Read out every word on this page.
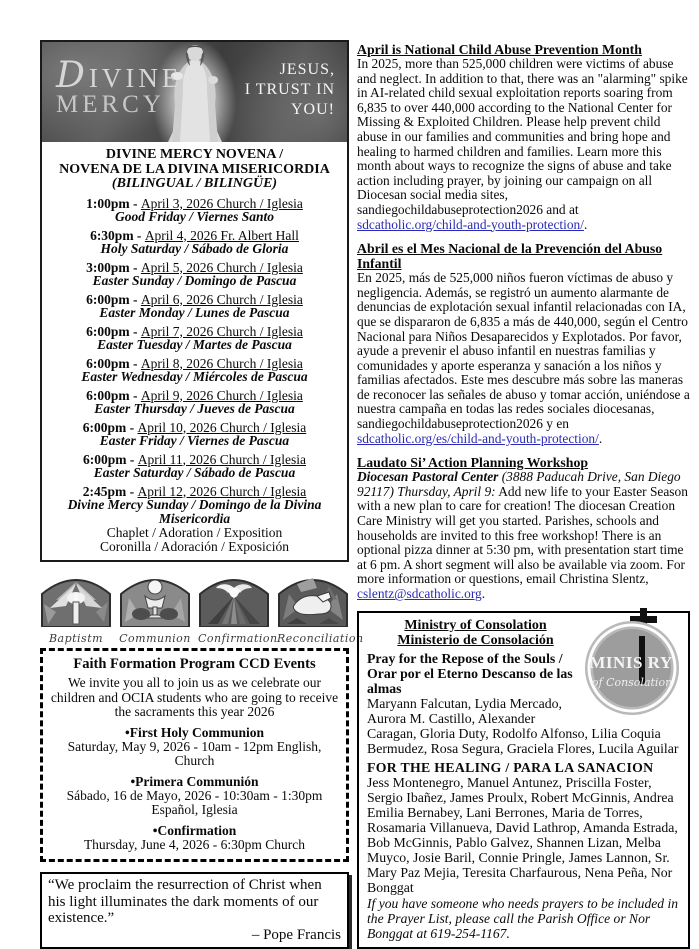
DIVINE
MERCY
JESUS,
I TRUST IN
YOU!
DIVINE MERCY NOVENA /
NOVENA DE LA DIVINA MISERICORDIA
(BILINGUAL / BILINGÜE)
1:00pm - April 3, 2026 Church / Iglesia
Good Friday / Viernes Santo
6:30pm - April 4, 2026 Fr. Albert Hall
Holy Saturday / Sábado de Gloria
3:00pm - April 5, 2026 Church / Iglesia
Easter Sunday / Domingo de Pascua
6:00pm - April 6, 2026 Church / Iglesia
Easter Monday / Lunes de Pascua
6:00pm - April 7, 2026 Church / Iglesia
Easter Tuesday / Martes de Pascua
6:00pm - April 8, 2026 Church / Iglesia
Easter Wednesday / Miércoles de Pascua
6:00pm - April 9, 2026 Church / Iglesia
Easter Thursday / Jueves de Pascua
6:00pm - April 10, 2026 Church / Iglesia
Easter Friday / Viernes de Pascua
6:00pm - April 11, 2026 Church / Iglesia
Easter Saturday / Sábado de Pascua
2:45pm - April 12, 2026 Church / Iglesia
Divine Mercy Sunday / Domingo de la Divina Misericordia
Chaplet / Adoration / Exposition
Coronilla / Adoración / Exposición
Baptistm	Communion Confirmation Reconciliation
Faith Formation Program CCD Events
We invite you all to join us as we celebrate our children and OCIA students who are going to receive the sacraments this year 2026
•First Holy Communion
Saturday, May 9, 2026 - 10am - 12pm English, Church
•Primera Communión
Sábado, 16 de Mayo, 2026 - 10:30am - 1:30pm Español, Iglesia
•Confirmation
Thursday, June 4, 2026 - 6:30pm Church
“We proclaim the resurrection of Christ when his light illuminates the dark moments of our existence.”
– Pope Francis
April is National Child Abuse Prevention Month
In 2025, more than 525,000 children were victims of abuse and neglect. In addition to that, there was an "alarming" spike in AI-related child sexual exploitation reports soaring from 6,835 to over 440,000 according to the National Center for Missing & Exploited Children. Please help prevent child abuse in our families and communities and bring hope and healing to harmed children and families. Learn more this month about ways to recognize the signs of abuse and take action including prayer, by joining our campaign on all Diocesan social media sites, sandiegochildabuseprotection2026 and at sdcatholic.org/child-and-youth-protection/.
Abril es el Mes Nacional de la Prevención del Abuso Infantil
En 2025, más de 525,000 niños fueron víctimas de abuso y negligencia. Además, se registró un aumento alarmante de denuncias de explotación sexual infantil relacionadas con IA, que se dispararon de 6,835 a más de 440,000, según el Centro Nacional para Niños Desaparecidos y Explotados. Por favor, ayude a prevenir el abuso infantil en nuestras familias y comunidades y aporte esperanza y sanación a los niños y familias afectados. Este mes descubre más sobre las maneras de reconocer las señales de abuso y tomar acción, uniéndose a nuestra campaña en todas las redes sociales diocesanas, sandiegochildabuseprotection2026 y en sdcatholic.org/es/child-and-youth-protection/.
Laudato Si’ Action Planning Workshop
Diocesan Pastoral Center (3888 Paducah Drive, San Diego 92117) Thursday, April 9: Add new life to your Easter Season with a new plan to care for creation! The diocesan Creation Care Ministry will get you started. Parishes, schools and households are invited to this free workshop! There is an optional pizza dinner at 5:30 pm, with presentation start time at 6 pm. A short segment will also be available via zoom. For more information or questions, email Christina Slentz, cslentz@sdcatholic.org.
MINIS RY
of Consolation
Ministry of Consolation
Ministerio de Consolación
Pray for the Repose of the Souls / Orar por el Eterno Descanso de las almas
Maryann Falcutan, Lydia Mercado, Aurora M. Castillo, Alexander Caragan, Gloria Duty, Rodolfo Alfonso, Lilia Coquia Bermudez, Rosa Segura, Graciela Flores, Lucila Aguilar
FOR THE HEALING / PARA LA SANACION
Jess Montenegro, Manuel Antunez, Priscilla Foster, Sergio Ibañez, James Proulx, Robert McGinnis, Andrea Emilia Bernabey, Lani Berrones, Maria de Torres, Rosamaria Villanueva, David Lathrop, Amanda Estrada, Bob McGinnis, Pablo Galvez, Shannen Lizan, Melba Muyco, Josie Baril, Connie Pringle, James Lannon, Sr. Mary Paz Mejia, Teresita Charfaurous, Nena Peña, Nor Bonggat
If you have someone who needs prayers to be included in the Prayer List, please call the Parish Office or Nor Bonggat at 619-254-1167.
